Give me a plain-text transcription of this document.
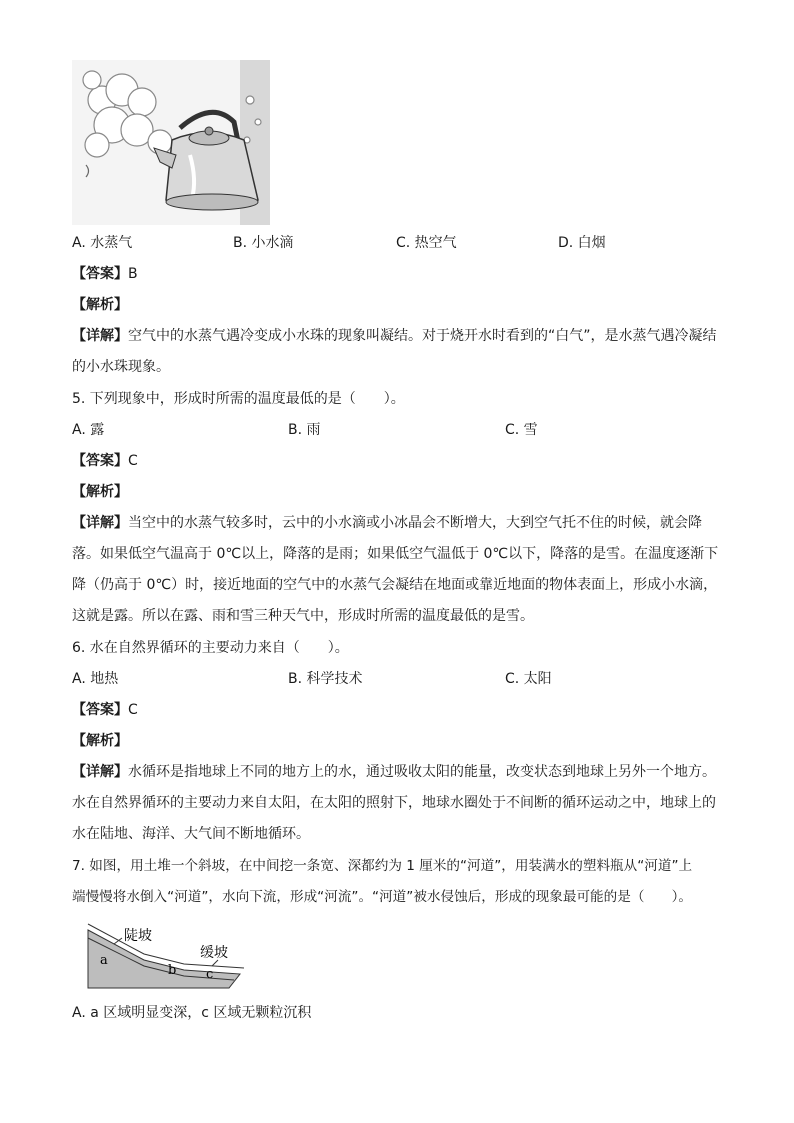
A. 水蒸气	B. 小水滴	C. 热空气	D. 白烟
【答案】B
【解析】
【详解】空气中的水蒸气遇冷变成小水珠的现象叫凝结。对于烧开水时看到的“白气”，是水蒸气遇冷凝结
的小水珠现象。
5. 下列现象中，形成时所需的温度最低的是（　　）。
A. 露	B. 雨	C. 雪
【答案】C
【解析】
【详解】当空中的水蒸气较多时，云中的小水滴或小冰晶会不断增大，大到空气托不住的时候，就会降
落。如果低空气温高于 0℃以上，降落的是雨；如果低空气温低于 0℃以下，降落的是雪。在温度逐渐下
降（仍高于 0℃）时，接近地面的空气中的水蒸气会凝结在地面或靠近地面的物体表面上，形成小水滴，
这就是露。所以在露、雨和雪三种天气中，形成时所需的温度最低的是雪。
6. 水在自然界循环的主要动力来自（　　）。
A. 地热	B. 科学技术	C. 太阳
【答案】C
【解析】
【详解】水循环是指地球上不同的地方上的水，通过吸收太阳的能量，改变状态到地球上另外一个地方。
水在自然界循环的主要动力来自太阳，在太阳的照射下，地球水圈处于不间断的循环运动之中，地球上的
水在陆地、海洋、大气间不断地循环。
7. 如图，用土堆一个斜坡，在中间挖一条宽、深都约为 1 厘米的“河道”，用装满水的塑料瓶从“河道”上
端慢慢将水倒入“河道”，水向下流，形成“河流”。“河道”被水侵蚀后，形成的现象最可能的是（　　）。
陡坡
缓坡
a
b c
A. a 区域明显变深，c 区域无颗粒沉积
